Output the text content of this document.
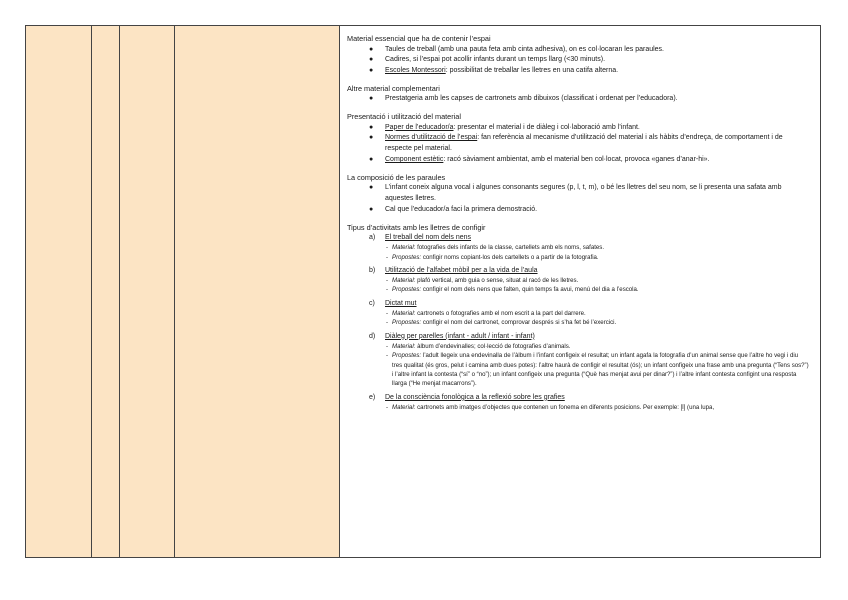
Material essencial que ha de contenir l’espai
● Taules de treball (amb una pauta feta amb cinta adhesiva), on es col·locaran les paraules.
● Cadires, si l’espai pot acollir infants durant un temps llarg (<30 minuts).
● Escoles Montessori: possibilitat de treballar les lletres en una catifa alterna.
Altre material complementari
● Prestatgeria amb les capses de cartronets amb dibuixos (classificat i ordenat per l’educadora).
Presentació i utilització del material
● Paper de l’educador/a: presentar el material i de diàleg i col·laboració amb l’infant.
● Normes d’utilització de l’espai: fan referència al mecanisme d’utilització del material i als hàbits d’endreça, de comportament i de respecte pel material.
● Component estètic: racó sàviament ambientat, amb el material ben col·locat, provoca «ganes d’anar-hi».
La composició de les paraules
● L’infant coneix alguna vocal i algunes consonants segures (p, l, t, m), o bé les lletres del seu nom, se li presenta una safata amb aquestes lletres.
● Cal que l’educador/a faci la primera demostració.
Tipus d’activitats amb les lletres de configir
a) El treball del nom dels nens
- Material: fotografies dels infants de la classe, cartellets amb els noms, safates.
- Propostes: configir noms copiant-los dels cartellets o a partir de la fotografia.
b) Utilització de l’alfabet mòbil per a la vida de l’aula
- Material: plafó vertical, amb guia o sense, situat al racó de les lletres.
- Propostes: configir el nom dels nens que falten, quin temps fa avui, menú del dia a l’escola.
c) Dictat mut
- Material: cartronets o fotografies amb el nom escrit a la part del darrere.
- Propostes: configir el nom del cartronet, comprovar després si s’ha fet bé l’exercici.
d) Diàleg per parelles (infant - adult / infant - infant)
- Material: àlbum d’endevinalles; col·lecció de fotografies d’animals.
- Propostes: l’adult llegeix una endevinalla de l’àlbum i l’infant configeix el resultat; un infant agafa la fotografia d’un animal sense que l’altre ho vegi i diu tres qualitat (és gros, pelut i camina amb dues potes): l’altre haurà de configir el resultat (ós); un infant configeix una frase amb una pregunta (“Tens sos?”) i l’altre infant la contesta (“sí” o “no”); un infant configeix una pregunta (“Què has menjat avui per dinar?”) i l’altre infant contesta configint una resposta llarga (“He menjat macarrons”).
e) De la consciència fonològica a la reflexió sobre les grafies
- Material: cartronets amb imatges d’objectes que contenen un fonema en diferents posicions. Per exemple: [l] (una lupa,
